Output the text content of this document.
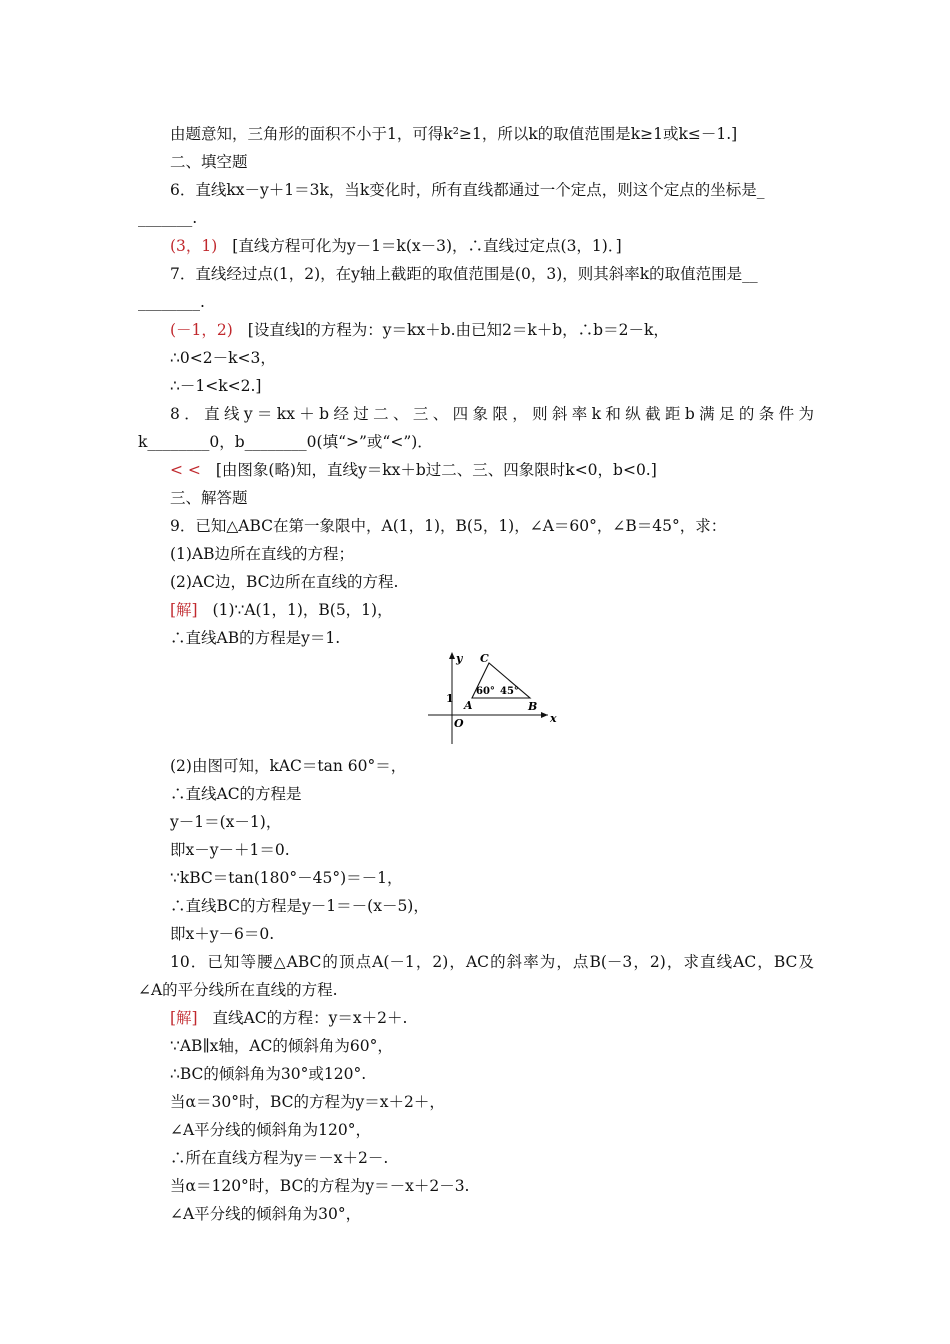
由题意知，三角形的面积不小于1，可得k²≥1，所以k的取值范围是k≥1或k≤－1.]
二、填空题
6．直线kx－y＋1＝3k，当k变化时，所有直线都通过一个定点，则这个定点的坐标是_
_______.
(3，1) [直线方程可化为y－1＝k(x－3)，∴直线过定点(3，1)．]
7．直线经过点(1，2)，在y轴上截距的取值范围是(0，3)，则其斜率k的取值范围是__
________.
(－1，2) [设直线l的方程为：y＝kx＋b.由已知2＝k＋b，∴b＝2－k，
∴0<2－k<3，
∴－1<k<2.]
8．直线y＝kx＋b经过二、三、四象限，则斜率k和纵截距b满足的条件为
k________0，b________0(填“>”或“<”)．
< < [由图象(略)知，直线y＝kx＋b过二、三、四象限时k<0，b<0.]
三、解答题
9．已知△ABC在第一象限中，A(1，1)，B(5，1)，∠A＝60°，∠B＝45°，求：
(1)AB边所在直线的方程；
(2)AC边，BC边所在直线的方程.
[解] (1)∵A(1，1)，B(5，1)，
∴直线AB的方程是y＝1.
y
x
O
1
A	B
C
60° 45°
(2)由图可知，kAC＝tan 60°＝，
∴直线AC的方程是
y－1＝(x－1)，
即x－y－＋1＝0.
∵kBC＝tan(180°－45°)＝－1，
∴直线BC的方程是y－1＝－(x－5)，
即x＋y－6＝0.
10．已知等腰△ABC的顶点A(－1，2)，AC的斜率为，点B(－3，2)，求直线AC，BC及
∠A的平分线所在直线的方程.
[解] 直线AC的方程：y＝x＋2＋.
∵AB∥x轴，AC的倾斜角为60°，
∴BC的倾斜角为30°或120°.
当α＝30°时，BC的方程为y＝x＋2＋，
∠A平分线的倾斜角为120°，
∴所在直线方程为y＝－x＋2－.
当α＝120°时，BC的方程为y＝－x＋2－3.
∠A平分线的倾斜角为30°，
